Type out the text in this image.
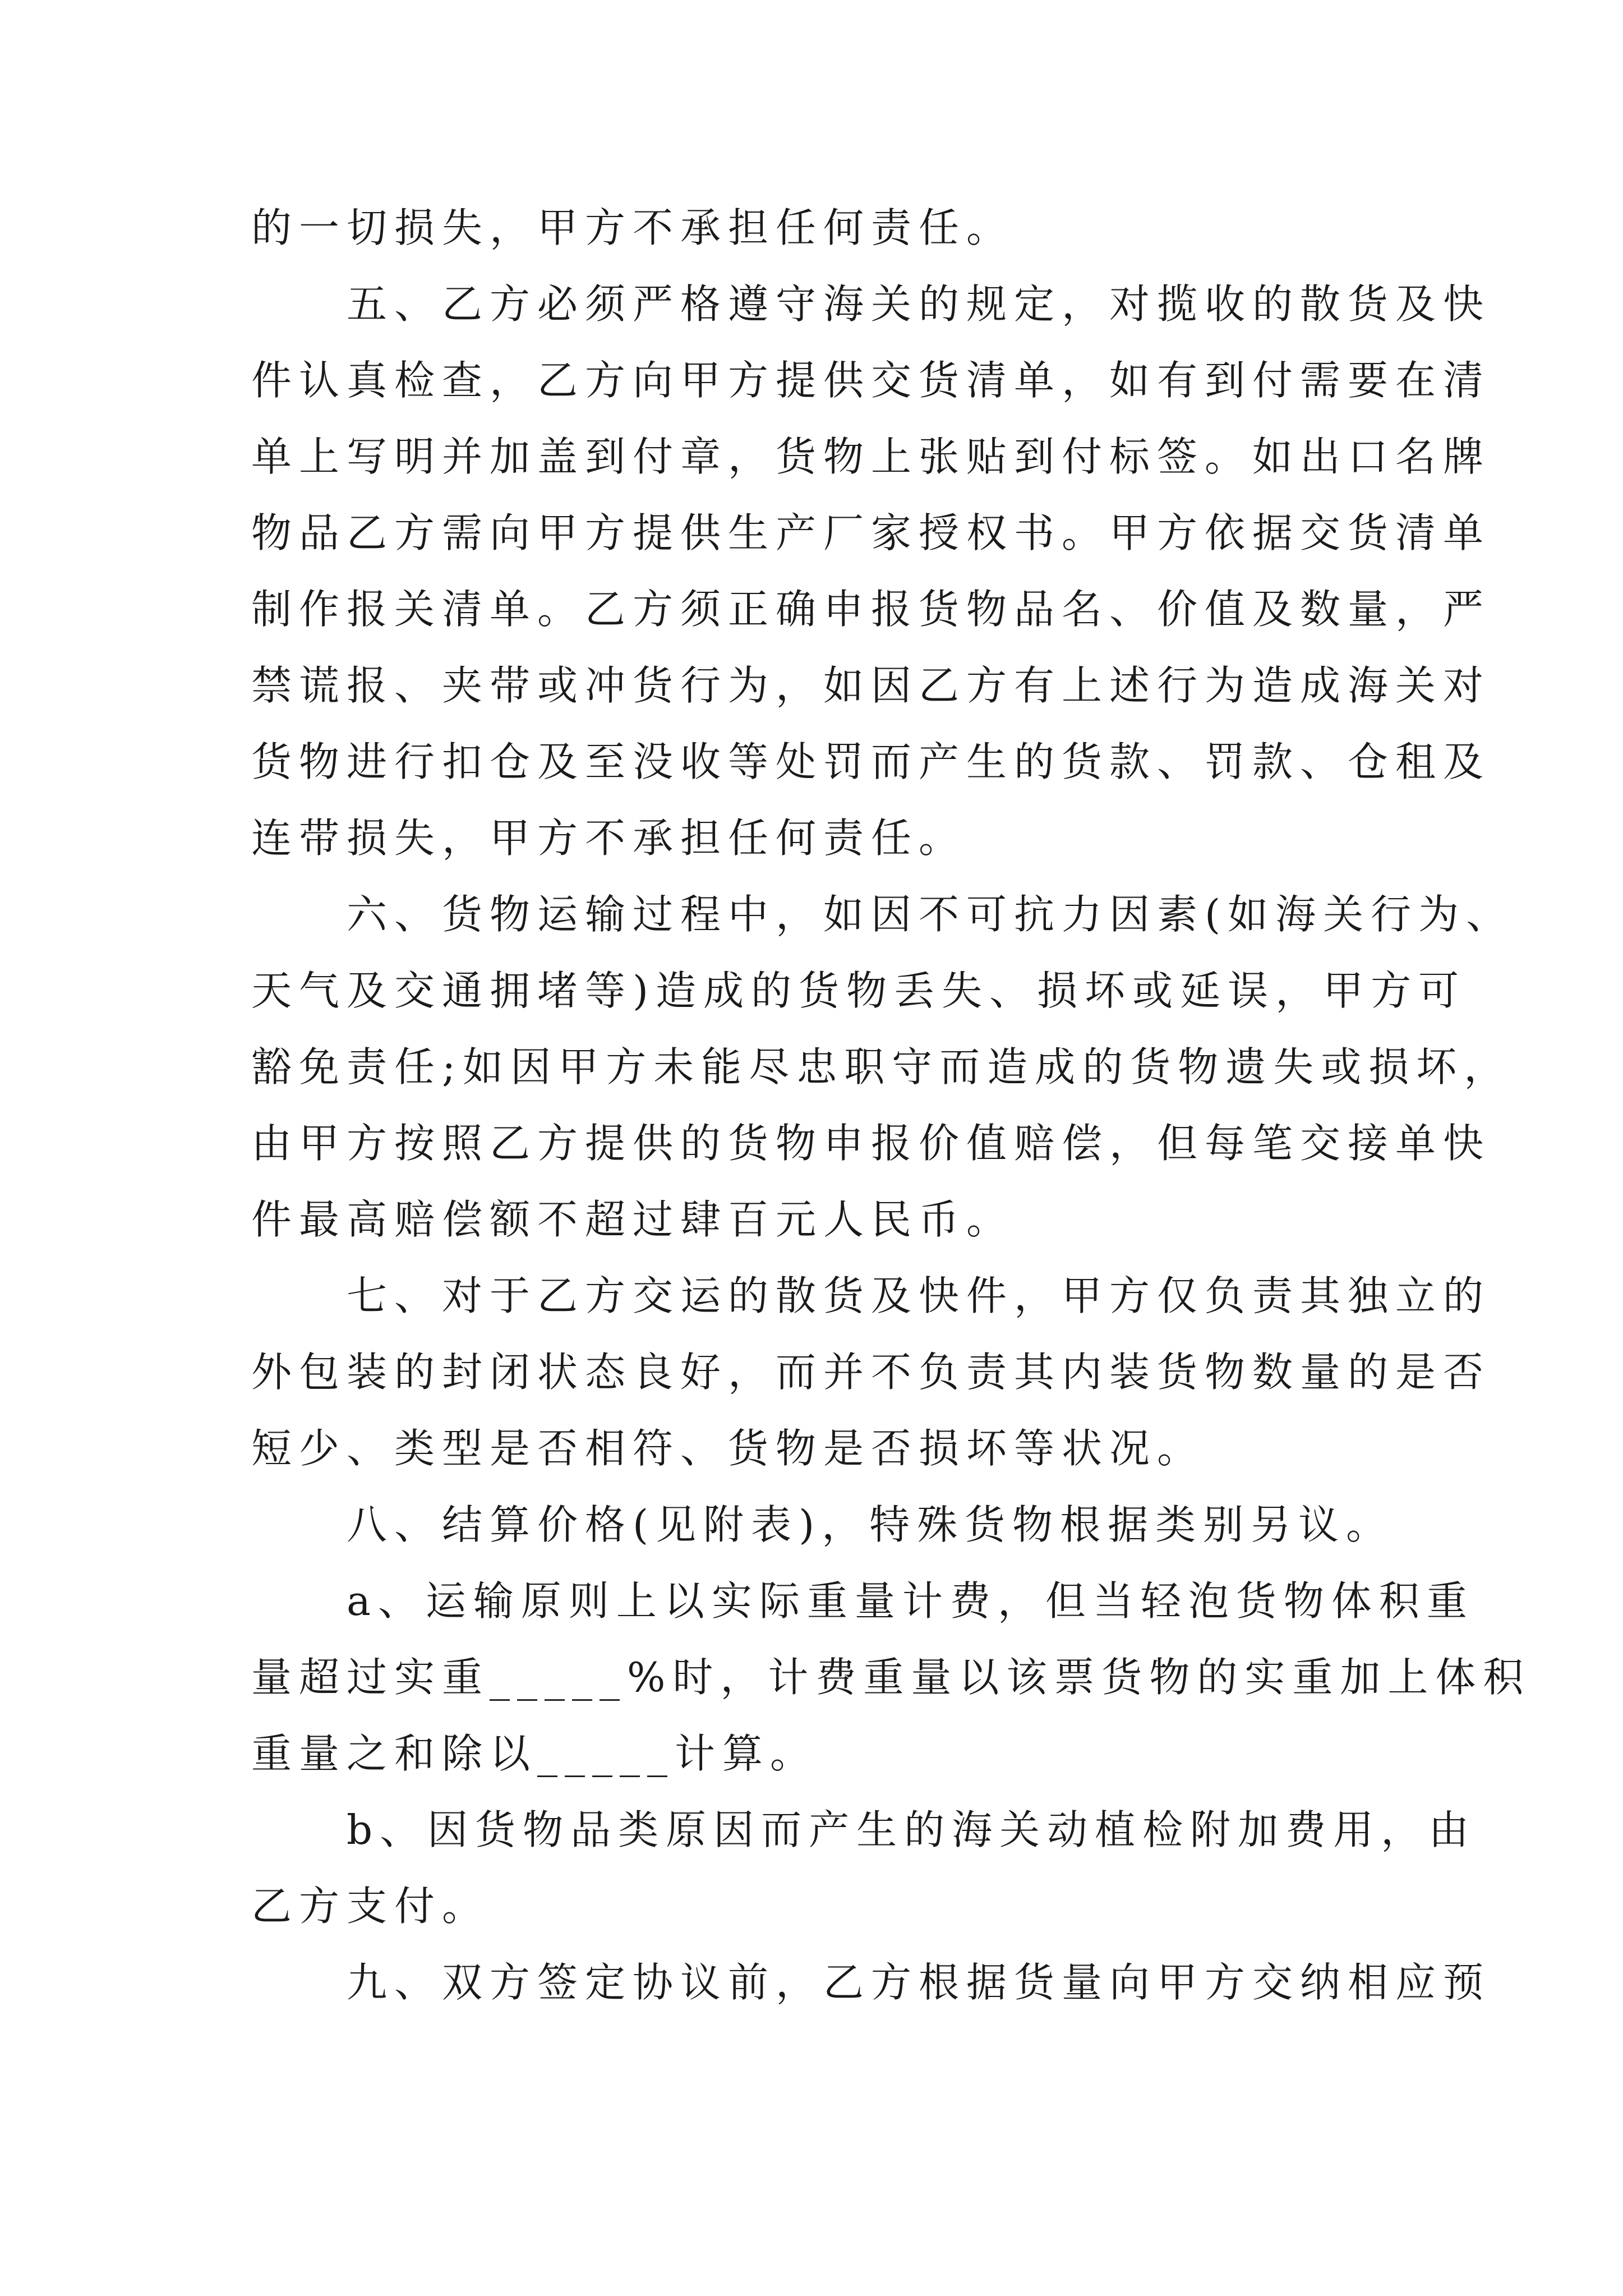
的一切损失，甲方不承担任何责任。
　　五、乙方必须严格遵守海关的规定，对揽收的散货及快
件认真检查，乙方向甲方提供交货清单，如有到付需要在清
单上写明并加盖到付章，货物上张贴到付标签。如出口名牌
物品乙方需向甲方提供生产厂家授权书。甲方依据交货清单
制作报关清单。乙方须正确申报货物品名、价值及数量，严
禁谎报、夹带或冲货行为，如因乙方有上述行为造成海关对
货物进行扣仓及至没收等处罚而产生的货款、罚款、仓租及
连带损失，甲方不承担任何责任。
　　六、货物运输过程中，如因不可抗力因素(如海关行为、
天气及交通拥堵等)造成的货物丢失、损坏或延误，甲方可
豁免责任;如因甲方未能尽忠职守而造成的货物遗失或损坏，
由甲方按照乙方提供的货物申报价值赔偿，但每笔交接单快
件最高赔偿额不超过肆百元人民币。
　　七、对于乙方交运的散货及快件，甲方仅负责其独立的
外包装的封闭状态良好，而并不负责其内装货物数量的是否
短少、类型是否相符、货物是否损坏等状况。
　　八、结算价格(见附表)，特殊货物根据类别另议。
　　a、运输原则上以实际重量计费，但当轻泡货物体积重
量超过实重_____%时，计费重量以该票货物的实重加上体积
重量之和除以_____计算。
　　b、因货物品类原因而产生的海关动植检附加费用，由
乙方支付。
　　九、双方签定协议前，乙方根据货量向甲方交纳相应预
